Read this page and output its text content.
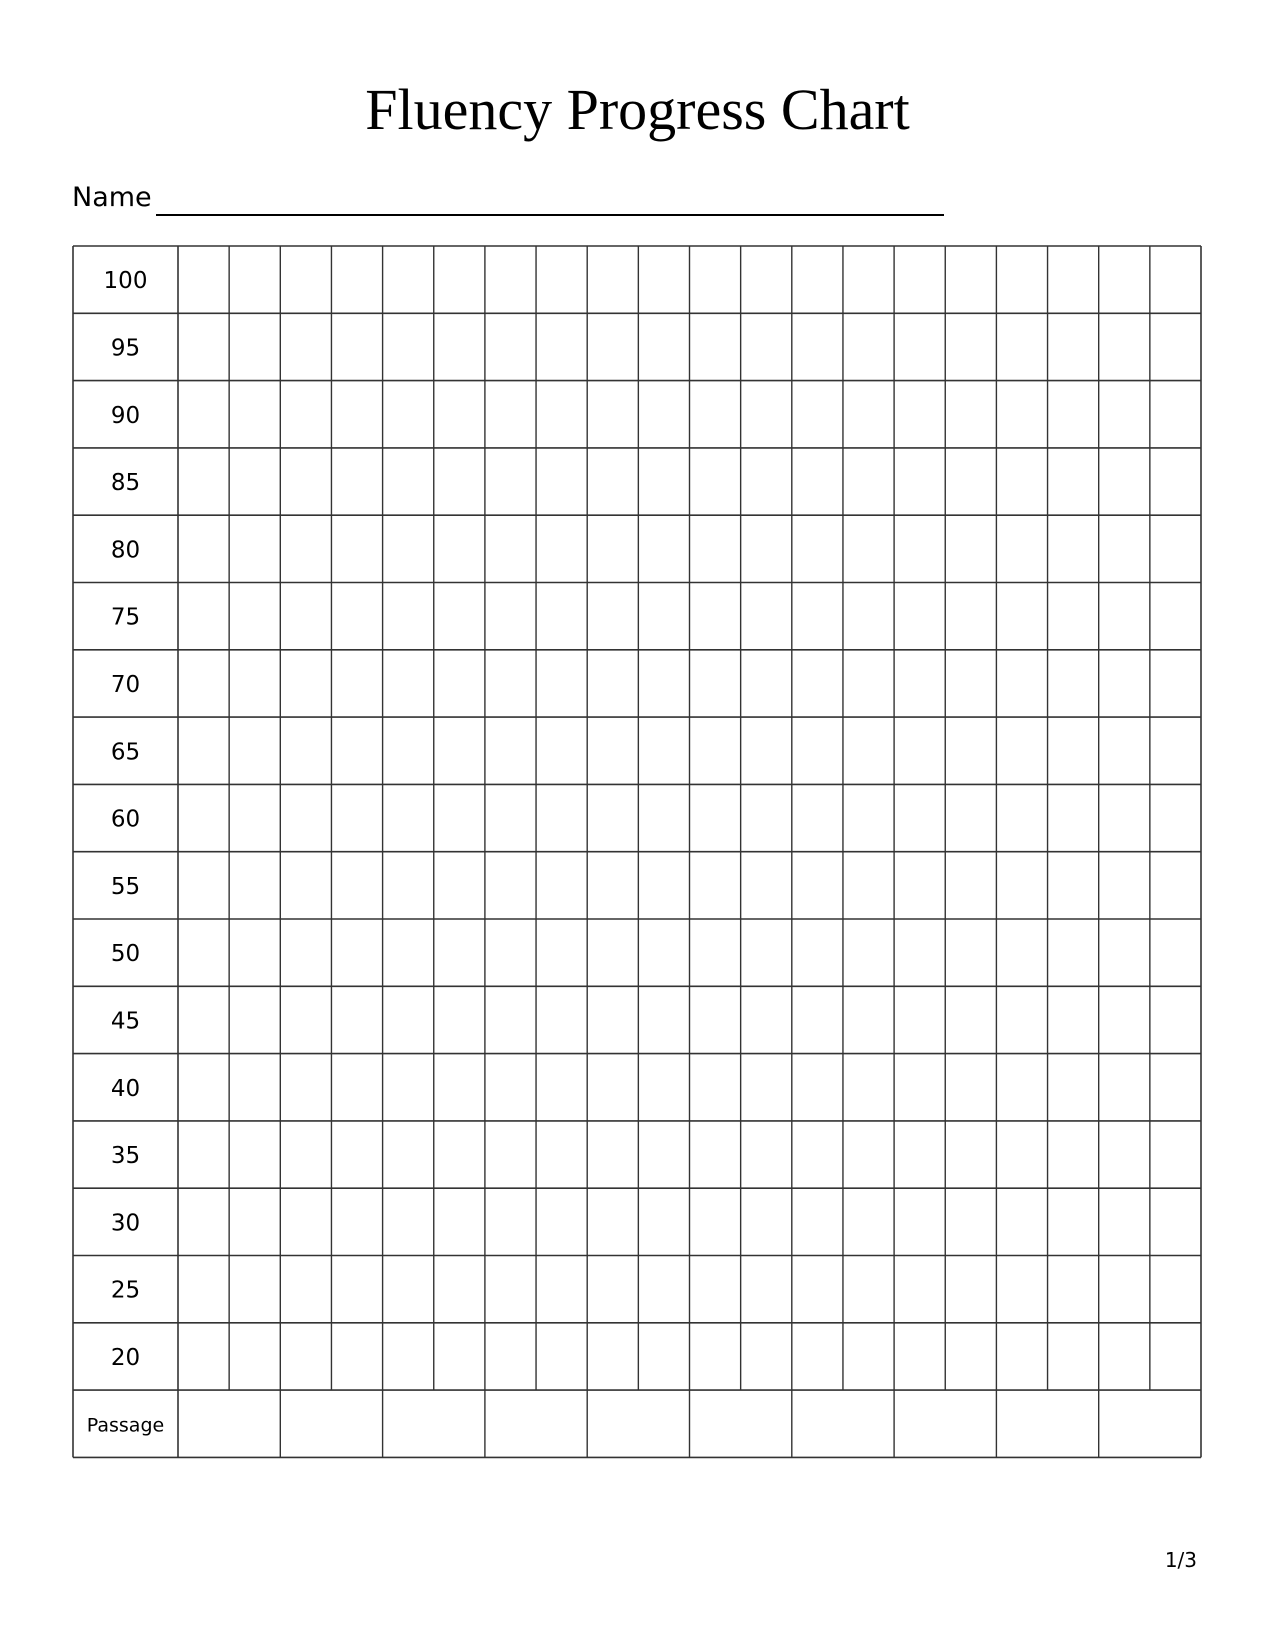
Fluency Progress Chart
Name
100
95
90
85
80
75
70
65
60
55
50
45
40
35
30
25
20
Passage
1/3
